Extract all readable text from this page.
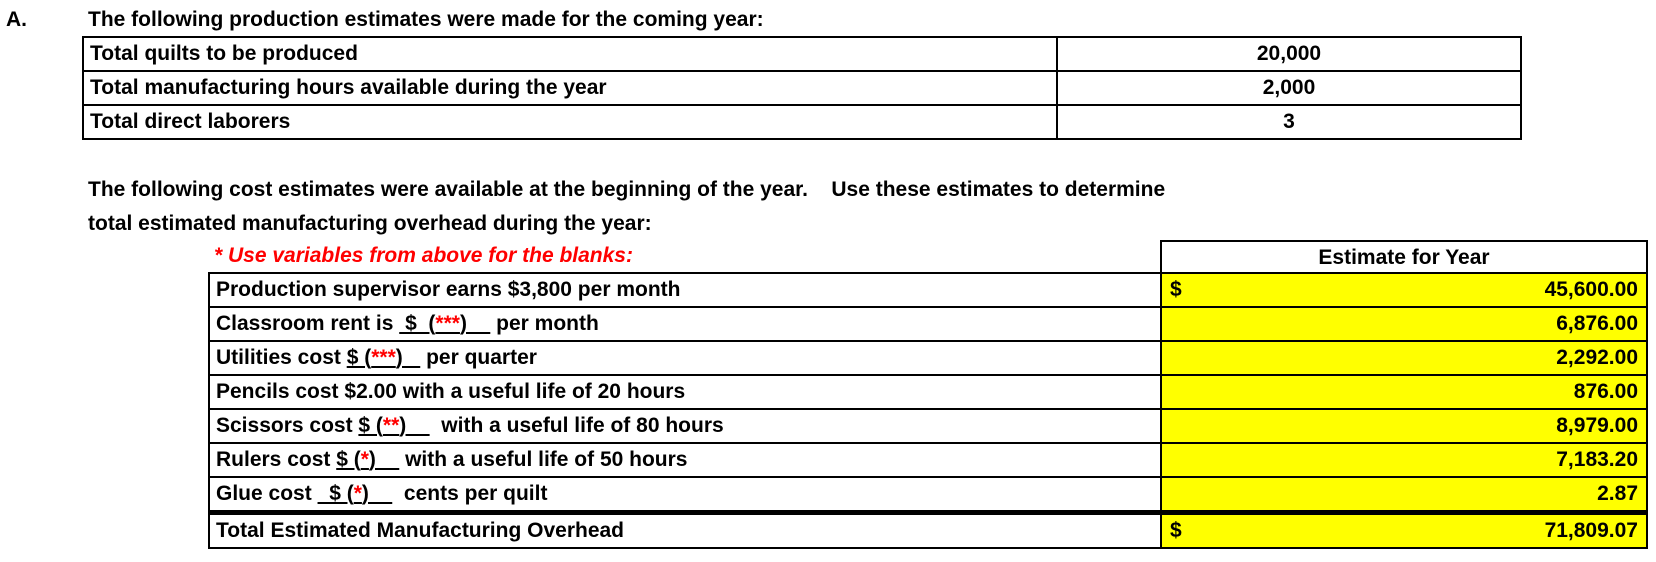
A.	The following production estimates were made for the coming year:
Total quilts to be produced	20,000
Total manufacturing hours available during the year	2,000
Total direct laborers	3
The following cost estimates were available at the beginning of the year.    Use these estimates to determine
total estimated manufacturing overhead during the year:
* Use variables from above for the blanks:	Estimate for Year
Production supervisor earns $3,800 per month	$ 45,600.00

Classroom rent is  $  (***)     per month	6,876.00

Utilities cost $ (***)    per quarter	2,292.00

Pencils cost $2.00 with a useful life of 20 hours	876.00

Scissors cost $ (**)      with a useful life of 80 hours	8,979.00

Rulers cost $ (*)     with a useful life of 50 hours	7,183.20

Glue cost   $ (*)      cents per quilt	2.87

Total Estimated Manufacturing Overhead	$ 71,809.07
